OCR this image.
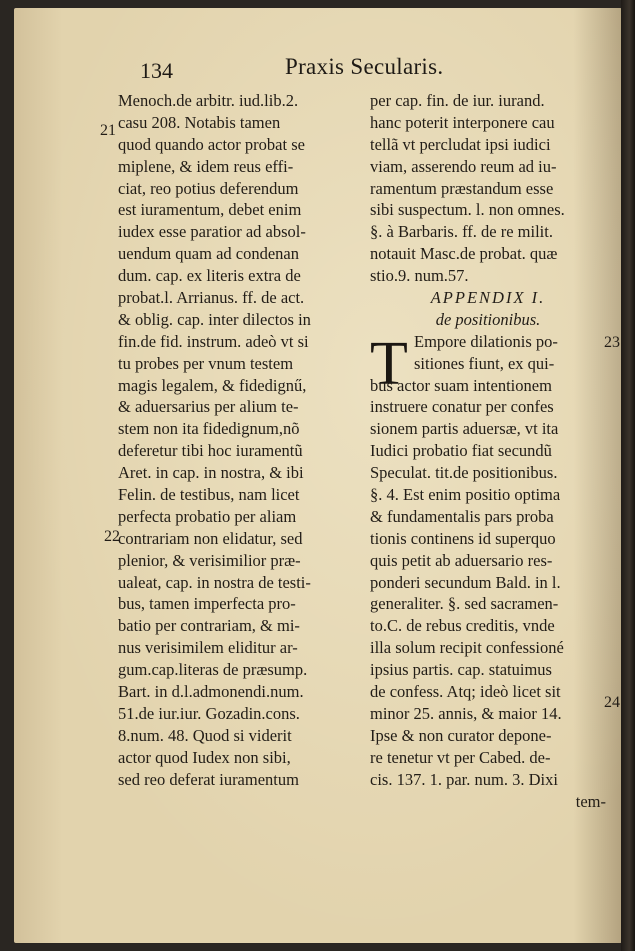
134	Praxis Secularis.
Menoch.de arbitr. iud.lib.2.
casu 208. Notabis tamen
quod quando actor probat se
miplene, & idem reus effi-
ciat, reo potius deferendum
est iuramentum, debet enim
iudex esse paratior ad absol-
uendum quam ad condenan
dum. cap. ex literis extra de
probat.l. Arrianus. ff. de act.
& oblig. cap. inter dilectos in
fin.de fid. instrum. adeò vt si
tu probes per vnum testem
magis legalem, & fidedignű,
& aduersarius per alium te-
stem non ita fidedignum,nõ
deferetur tibi hoc iuramentũ
Aret. in cap. in nostra, & ibi
Felin. de testibus, nam licet
perfecta probatio per aliam
contrariam non elidatur, sed
plenior, & verisimilior præ-
ualeat, cap. in nostra de testi-
bus, tamen imperfecta pro-
batio per contrariam, & mi-
nus verisimilem eliditur ar-
gum.cap.literas de præsump.
Bart. in d.l.admonendi.num.
51.de iur.iur. Gozadin.cons.
8.num. 48. Quod si viderit
actor quod Iudex non sibi,
sed reo deferat iuramentum
per cap. fin. de iur. iurand.
hanc poterit interponere cau
tellã vt percludat ipsi iudici
viam, asserendo reum ad iu-
ramentum præstandum esse
sibi suspectum. l. non omnes.
§. à Barbaris. ff. de re milit.
notauit Masc.de probat. quæ
stio.9. num.57.
APPENDIX I.
de positionibus.
T Empore dilationis po-
sitiones fiunt, ex qui-
bus actor suam intentionem
instruere conatur per confes
sionem partis aduersæ, vt ita
Iudici probatio fiat secundũ
Speculat. tit.de positionibus.
§. 4. Est enim positio optima
& fundamentalis pars proba
tionis continens id superquo
quis petit ab aduersario res-
ponderi secundum Bald. in l.
generaliter. §. sed sacramen-
to.C. de rebus creditis, vnde
illa solum recipit confessioné
ipsius partis. cap. statuimus
de confess. Atq; ideò licet sit
minor 25. annis, & maior 14.
Ipse & non curator depone-
re tenetur vt per Cabed. de-
cis. 137. 1. par. num. 3. Dixi
tem-
21
22
23
24
